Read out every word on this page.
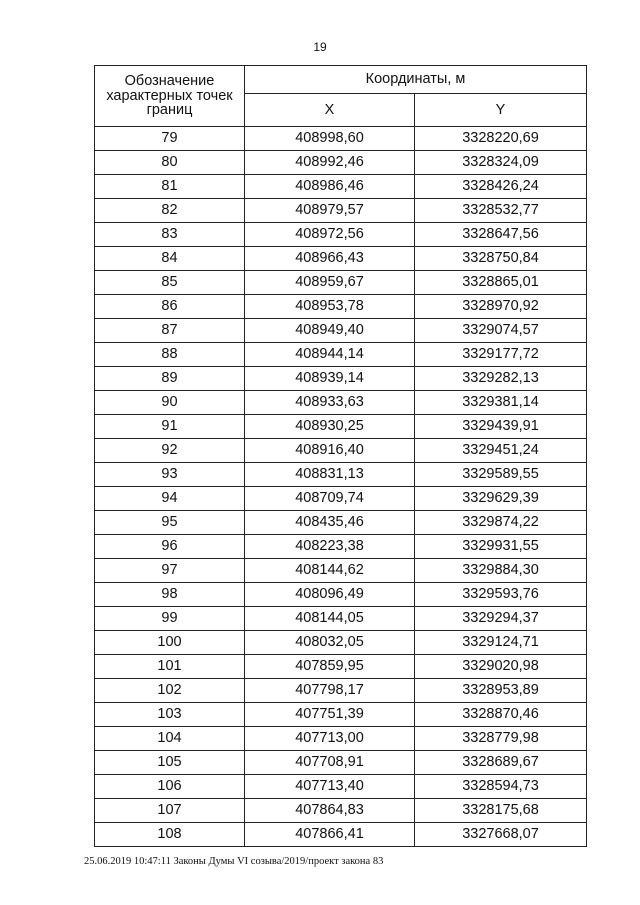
19
Обозначение
характерных точек
границ	Координаты, м	
	X	Y
79	408998,60	3328220,69
80	408992,46	3328324,09
81	408986,46	3328426,24
82	408979,57	3328532,77
83	408972,56	3328647,56
84	408966,43	3328750,84
85	408959,67	3328865,01
86	408953,78	3328970,92
87	408949,40	3329074,57
88	408944,14	3329177,72
89	408939,14	3329282,13
90	408933,63	3329381,14
91	408930,25	3329439,91
92	408916,40	3329451,24
93	408831,13	3329589,55
94	408709,74	3329629,39
95	408435,46	3329874,22
96	408223,38	3329931,55
97	408144,62	3329884,30
98	408096,49	3329593,76
99	408144,05	3329294,37
100	408032,05	3329124,71
101	407859,95	3329020,98
102	407798,17	3328953,89
103	407751,39	3328870,46
104	407713,00	3328779,98
105	407708,91	3328689,67
106	407713,40	3328594,73
107	407864,83	3328175,68
108	407866,41	3327668,07
25.06.2019 10:47:11 Законы Думы VI созыва/2019/проект закона 83
